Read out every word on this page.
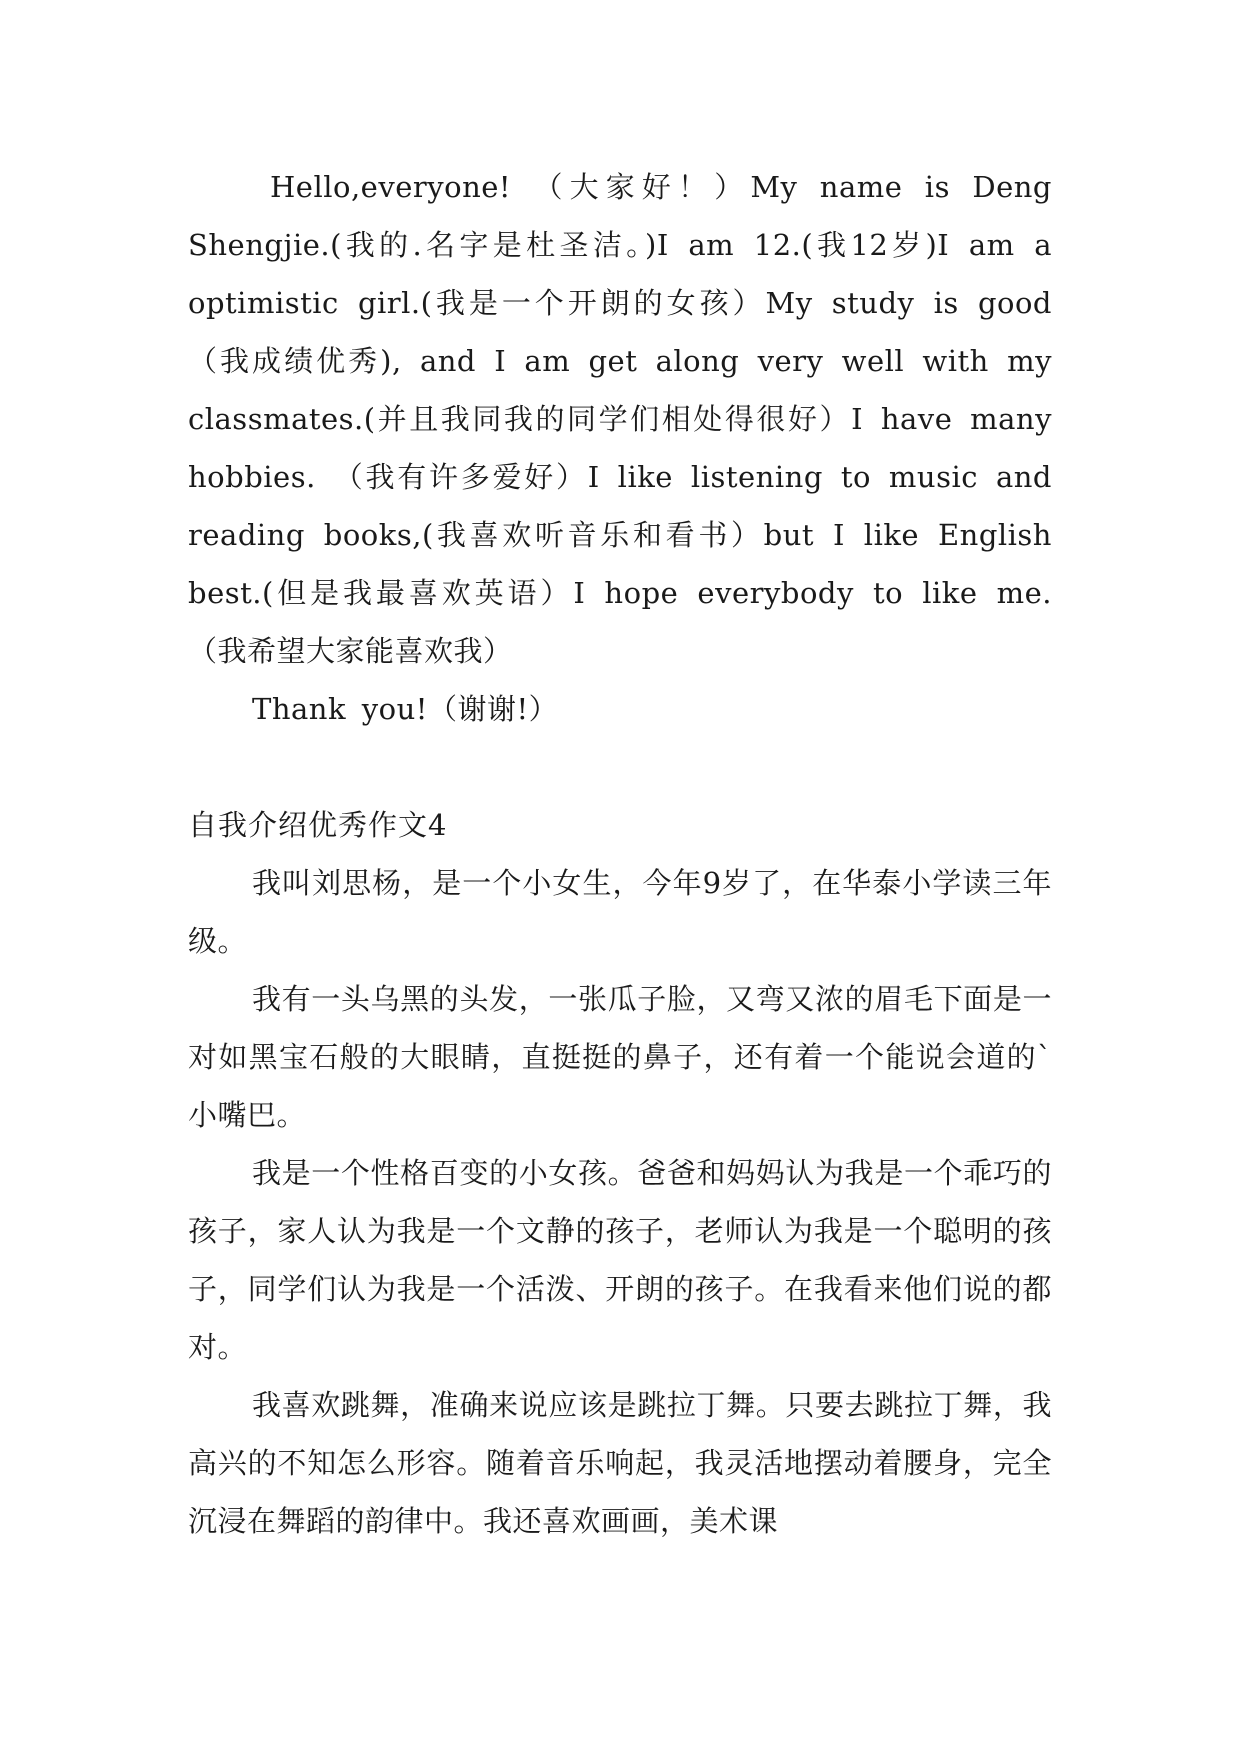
Hello,everyone! （大家好！）My name is Deng Shengjie.(我的.名字是杜圣洁。)I am 12.(我12岁)I am a optimistic girl.(我是一个开朗的女孩）My study is good（我成绩优秀), and I am get along very well with my classmates.(并且我同我的同学们相处得很好）I have many hobbies. （我有许多爱好）I like listening to music and reading books,(我喜欢听音乐和看书）but I like English best.(但是我最喜欢英语）I hope everybody to like me.（我希望大家能喜欢我）

Thank you!（谢谢!）

自我介绍优秀作文4

我叫刘思杨，是一个小女生，今年9岁了，在华泰小学读三年级。

我有一头乌黑的头发，一张瓜子脸，又弯又浓的眉毛下面是一对如黑宝石般的大眼睛，直挺挺的鼻子，还有着一个能说会道的`小嘴巴。

我是一个性格百变的小女孩。爸爸和妈妈认为我是一个乖巧的孩子，家人认为我是一个文静的孩子，老师认为我是一个聪明的孩子，同学们认为我是一个活泼、开朗的孩子。在我看来他们说的都对。

我喜欢跳舞，准确来说应该是跳拉丁舞。只要去跳拉丁舞，我高兴的不知怎么形容。随着音乐响起，我灵活地摆动着腰身，完全沉浸在舞蹈的韵律中。我还喜欢画画，美术课
